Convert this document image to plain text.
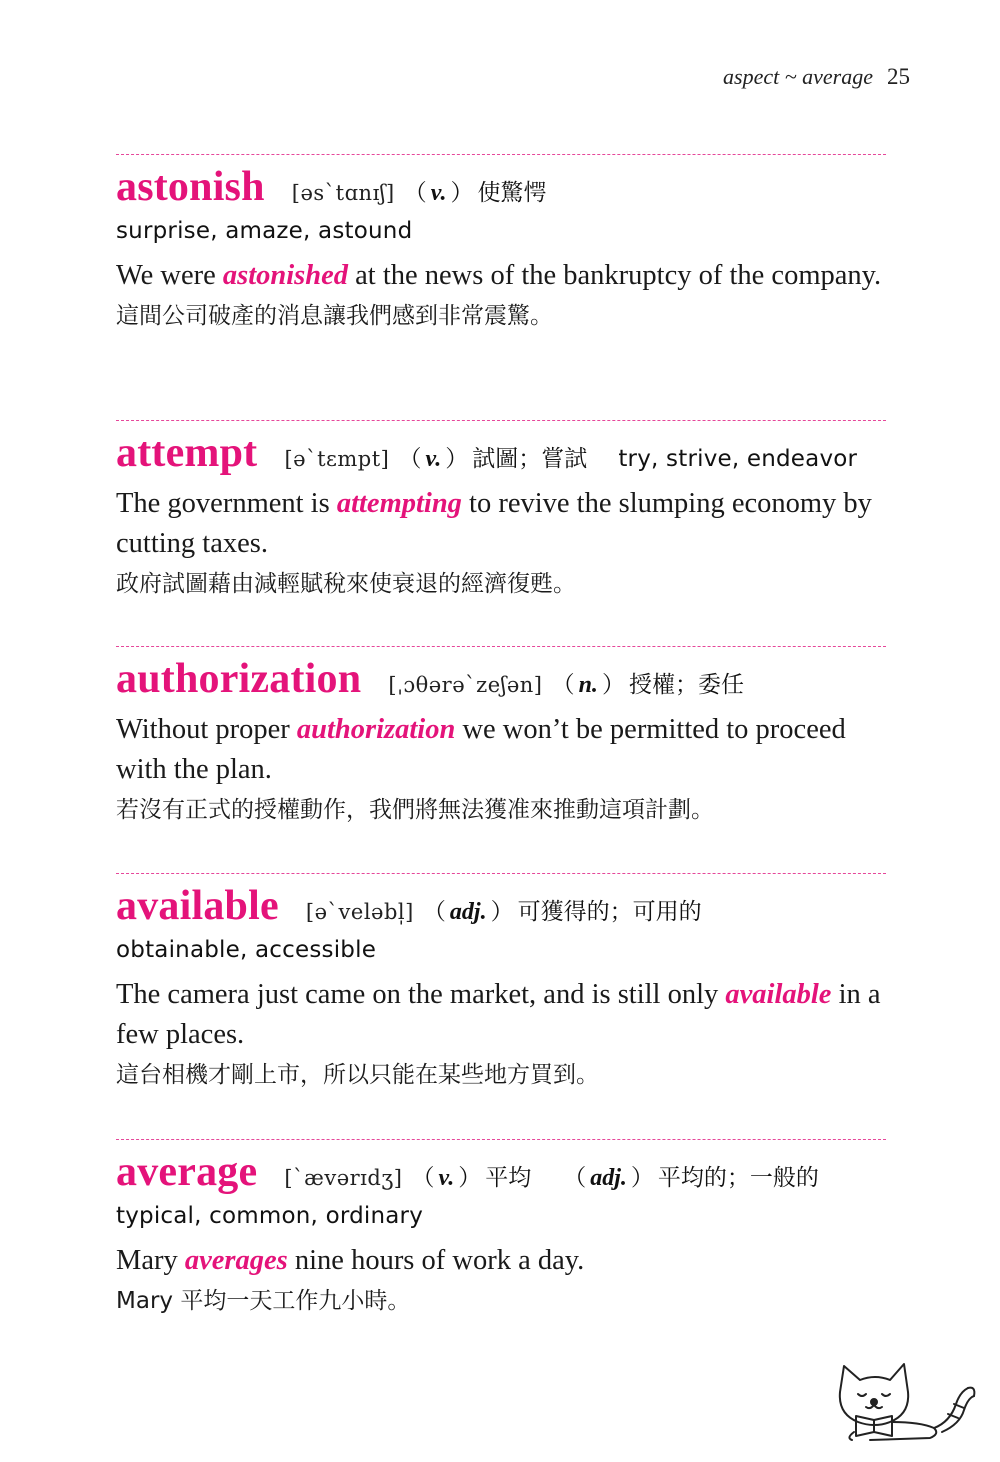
aspect ~ average 25
astonish [əs`tɑnɪʃ] （ v. ） 使驚愕
surprise, amaze, astound
We were astonished at the news of the bankruptcy of the company.
這間公司破產的消息讓我們感到非常震驚。
attempt [ə`tɛmpt] （ v. ） 試圖；嘗試 try, strive, endeavor
The government is attempting to revive the slumping economy by cutting taxes.
政府試圖藉由減輕賦稅來使衰退的經濟復甦。
authorization [ˌɔθərə`zeʃən] （ n. ） 授權；委任
Without proper authorization we won’t be permitted to proceed with the plan.
若沒有正式的授權動作，我們將無法獲准來推動這項計劃。
available [ə`veləbl̩] （ adj. ） 可獲得的；可用的
obtainable, accessible
The camera just came on the market, and is still only available in a few places.
這台相機才剛上市，所以只能在某些地方買到。
average [`ævərɪdʒ] （ v. ） 平均 （ adj. ） 平均的；一般的
typical, common, ordinary
Mary averages nine hours of work a day.
Mary 平均一天工作九小時。
